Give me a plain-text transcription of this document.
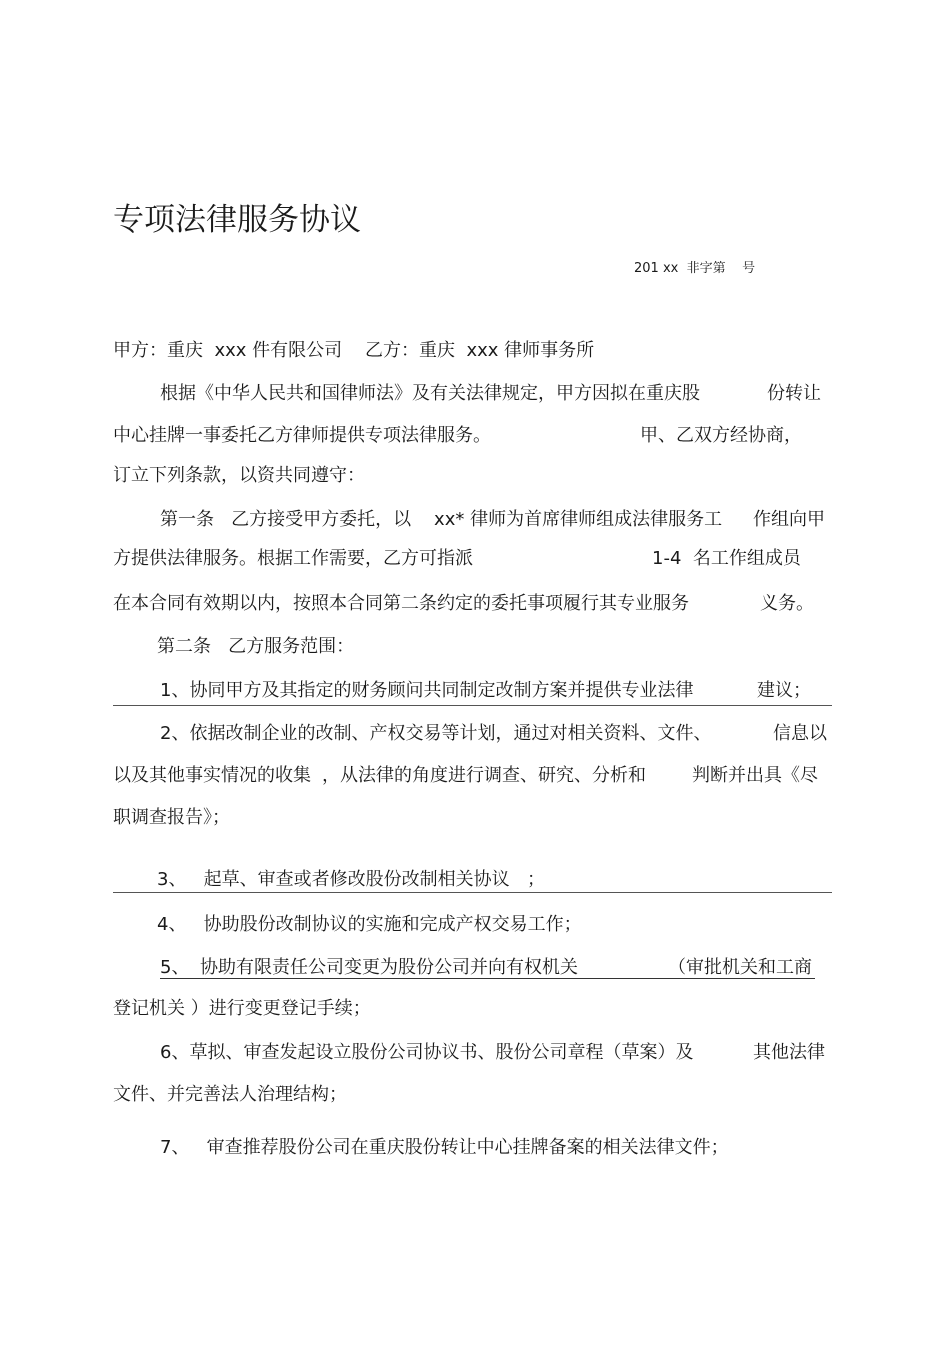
专项法律服务协议
201 xx  非字第    号
甲方：重庆  xxx 件有限公司    乙方：重庆  xxx 律师事务所
根据《中华人民共和国律师法》及有关法律规定，甲方因拟在重庆股	份转让
中心挂牌一事委托乙方律师提供专项法律服务。	甲、乙双方经协商，
订立下列条款，以资共同遵守：
第一条   乙方接受甲方委托，以    xx* 律师为首席律师组成法律服务工 作组向甲
方提供法律服务。根据工作需要，乙方可指派	1-4  名工作组成员
在本合同有效期以内，按照本合同第二条约定的委托事项履行其专业服务	义务。
第二条   乙方服务范围：
1、协同甲方及其指定的财务顾问共同制定改制方案并提供专业法律	建议；
2、依据改制企业的改制、产权交易等计划，通过对相关资料、文件、	信息以
以及其他事实情况的收集 ，从法律的角度进行调查、研究、分析和	判断并出具《尽
职调查报告》；
3、   起草、审查或者修改股份改制相关协议 ；
4、   协助股份改制协议的实施和完成产权交易工作；
5、 协助有限责任公司变更为股份公司并向有权机关	（审批机关和工商
登记机关 ）进行变更登记手续；
6、草拟、审查发起设立股份公司协议书、股份公司章程（草案）及	其他法律
文件、并完善法人治理结构；
7、   审查推荐股份公司在重庆股份转让中心挂牌备案的相关法律文件；
